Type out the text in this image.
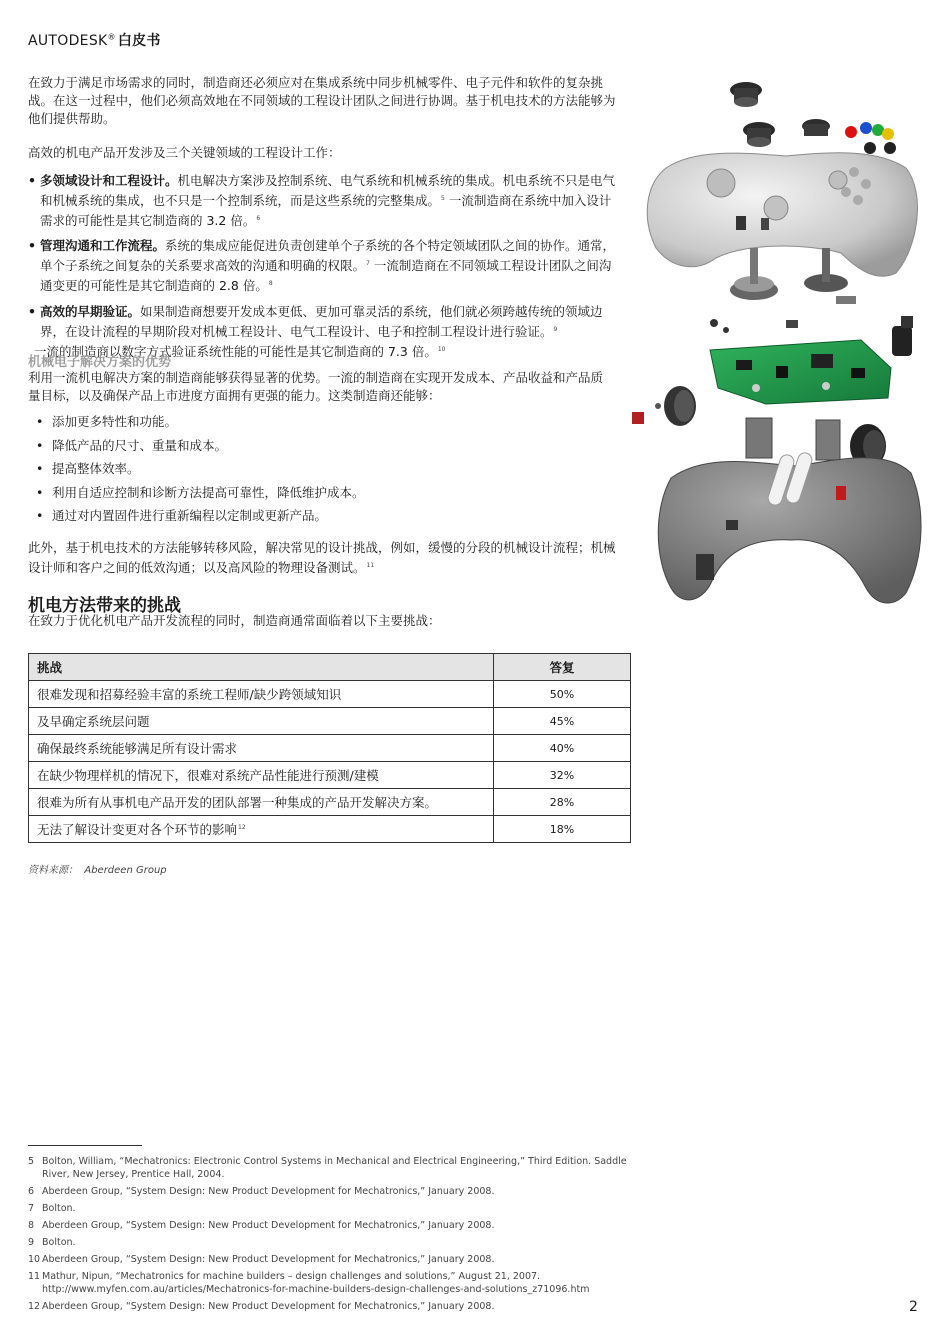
AUTODESK® 白皮书
在致力于满足市场需求的同时，制造商还必须应对在集成系统中同步机械零件、电子元件和软件的复杂挑战。在这一过程中，他们必须高效地在不同领域的工程设计团队之间进行协调。基于机电技术的方法能够为他们提供帮助。
高效的机电产品开发涉及三个关键领域的工程设计工作：
• 多领域设计和工程设计。机电解决方案涉及控制系统、电气系统和机械系统的集成。机电系统不只是电气和机械系统的集成，也不只是一个控制系统，而是这些系统的完整集成。$^5$ 一流制造商在系统中加入设计需求的可能性是其它制造商的 3.2 倍。$^6$
• 管理沟通和工作流程。系统的集成应能促进负责创建单个子系统的各个特定领域团队之间的协作。通常，单个子系统之间复杂的关系要求高效的沟通和明确的权限。$^7$ 一流制造商在不同领域工程设计团队之间沟通变更的可能性是其它制造商的 2.8 倍。$^8$
• 高效的早期验证。如果制造商想要开发成本更低、更加可靠灵活的系统，他们就必须跨越传统的领域边界，在设计流程的早期阶段对机械工程设计、电气工程设计、电子和控制工程设计进行验证。$^9$
一流的制造商以数字方式验证系统性能的可能性是其它制造商的 7.3 倍。$^{10}$
机械电子解决方案的优势
利用一流机电解决方案的制造商能够获得显著的优势。一流的制造商在实现开发成本、产品收益和产品质量目标，以及确保产品上市进度方面拥有更强的能力。这类制造商还能够：
• 添加更多特性和功能。
• 降低产品的尺寸、重量和成本。
• 提高整体效率。
• 利用自适应控制和诊断方法提高可靠性，降低维护成本。
• 通过对内置固件进行重新编程以定制或更新产品。
此外，基于机电技术的方法能够转移风险，解决常见的设计挑战，例如，缓慢的分段的机械设计流程；机械设计师和客户之间的低效沟通；以及高风险的物理设备测试。$^{11}$
机电方法带来的挑战
在致力于优化机电产品开发流程的同时，制造商通常面临着以下主要挑战：
挑战	答复
很难发现和招募经验丰富的系统工程师/缺少跨领域知识	50%
及早确定系统层问题	45%
确保最终系统能够满足所有设计需求	40%
在缺少物理样机的情况下，很难对系统产品性能进行预测/建模	32%
很难为所有从事机电产品开发的团队部署一种集成的产品开发解决方案。	28%
无法了解设计变更对各个环节的影响$^{12}$	18%
资料来源： Aberdeen Group
5 Bolton, William, “Mechatronics: Electronic Control Systems in Mechanical and Electrical Engineering,” Third Edition. Saddle River, New Jersey, Prentice Hall, 2004.
6 Aberdeen Group, “System Design: New Product Development for Mechatronics,” January 2008.
7 Bolton.
8 Aberdeen Group, “System Design: New Product Development for Mechatronics,” January 2008.
9 Bolton.
10 Aberdeen Group, “System Design: New Product Development for Mechatronics,” January 2008.
11 Mathur, Nipun, “Mechatronics for machine builders – design challenges and solutions,” August 21, 2007. http://www.myfen.com.au/articles/Mechatronics-for-machine-builders-design-challenges-and-solutions_z71096.htm
12 Aberdeen Group, “System Design: New Product Development for Mechatronics,” January 2008.	2
